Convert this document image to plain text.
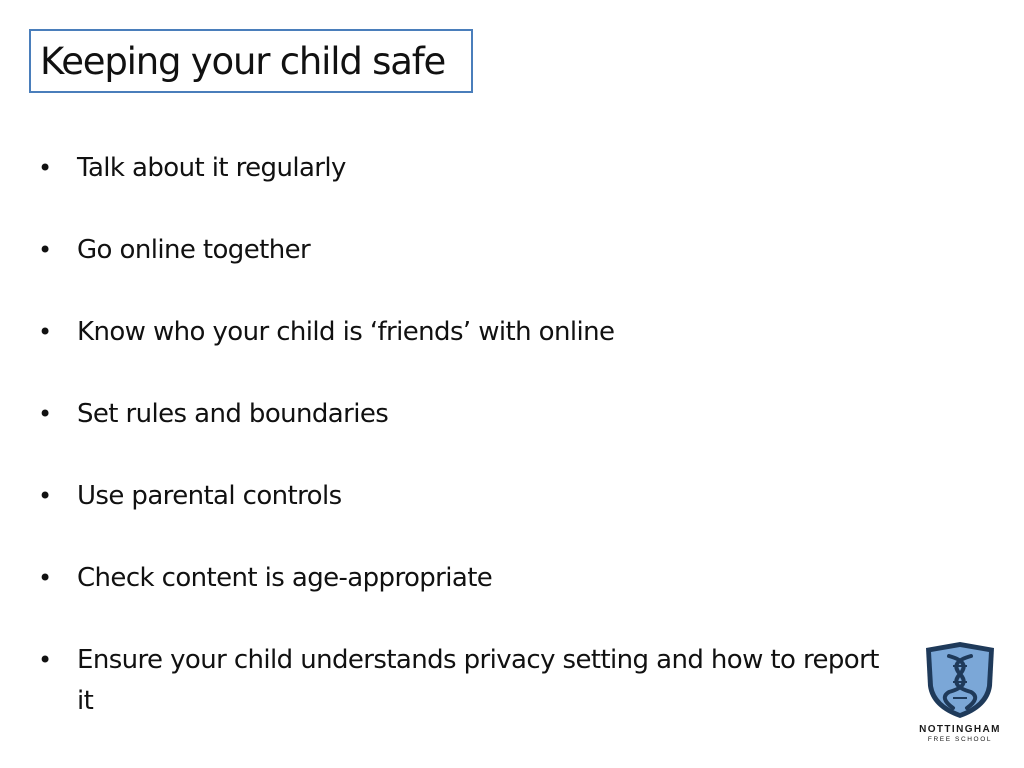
Keeping your child safe
• Talk about it regularly
• Go online together
• Know who your child is ‘friends’ with online
• Set rules and boundaries
• Use parental controls
• Check content is age-appropriate
• Ensure your child understands privacy setting and how to report it
NOTTINGHAM
FREE SCHOOL
